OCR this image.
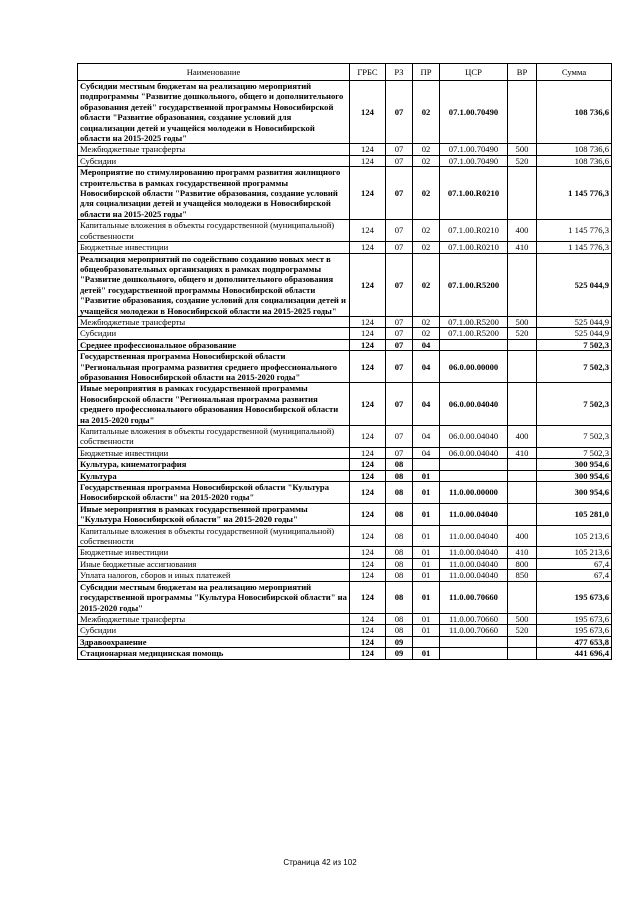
Наименование	ГРБС	РЗ	ПР	ЦСР	ВР	Сумма
Субсидии местным бюджетам на реализацию мероприятий подпрограммы "Развитие дошкольного, общего и дополнительного образования детей" государственной программы Новосибирской области "Развитие образования, создание условий для социализации детей и учащейся молодежи в Новосибирской области на 2015-2025 годы"	124	07	02	07.1.00.70490		108 736,6
Межбюджетные трансферты	124	07	02	07.1.00.70490	500	108 736,6
Субсидии	124	07	02	07.1.00.70490	520	108 736,6
Мероприятие по стимулированию программ развития жилищного строительства в рамках государственной программы Новосибирской области "Развитие образования, создание условий для социализации детей и учащейся молодежи в Новосибирской области на 2015-2025 годы"	124	07	02	07.1.00.R0210		1 145 776,3
Капитальные вложения в объекты государственной (муниципальной) собственности	124	07	02	07.1.00.R0210	400	1 145 776,3
Бюджетные инвестиции	124	07	02	07.1.00.R0210	410	1 145 776,3
Реализация мероприятий по содействию созданию новых мест в общеобразовательных организациях в рамках подпрограммы "Развитие дошкольного, общего и дополнительного образования детей" государственной программы Новосибирской области "Развитие образования, создание условий для социализации детей и учащейся молодежи в Новосибирской области на 2015-2025 годы"	124	07	02	07.1.00.R5200		525 044,9
Межбюджетные трансферты	124	07	02	07.1.00.R5200	500	525 044,9
Субсидии	124	07	02	07.1.00.R5200	520	525 044,9
Среднее профессиональное образование	124	07	04			7 502,3
Государственная программа Новосибирской области "Региональная программа развития среднего профессионального образования Новосибирской области на 2015-2020 годы"	124	07	04	06.0.00.00000		7 502,3
Иные мероприятия в рамках государственной программы Новосибирской области "Региональная программа развития среднего профессионального образования Новосибирской области на 2015-2020 годы"	124	07	04	06.0.00.04040		7 502,3
Капитальные вложения в объекты государственной (муниципальной) собственности	124	07	04	06.0.00.04040	400	7 502,3
Бюджетные инвестиции	124	07	04	06.0.00.04040	410	7 502,3
Культура, кинематография	124	08				300 954,6
Культура	124	08	01			300 954,6
Государственная программа Новосибирской области "Культура Новосибирской области" на 2015-2020 годы"	124	08	01	11.0.00.00000		300 954,6
Иные мероприятия в рамках государственной программы "Культура Новосибирской области" на 2015-2020 годы"	124	08	01	11.0.00.04040		105 281,0
Капитальные вложения в объекты государственной (муниципальной) собственности	124	08	01	11.0.00.04040	400	105 213,6
Бюджетные инвестиции	124	08	01	11.0.00.04040	410	105 213,6
Иные бюджетные ассигнования	124	08	01	11.0.00.04040	800	67,4
Уплата налогов, сборов и иных платежей	124	08	01	11.0.00.04040	850	67,4
Субсидии местным бюджетам на реализацию мероприятий государственной программы "Культура Новосибирской области" на 2015-2020 годы"	124	08	01	11.0.00.70660		195 673,6
Межбюджетные трансферты	124	08	01	11.0.00.70660	500	195 673,6
Субсидии	124	08	01	11.0.00.70660	520	195 673,6
Здравоохранение	124	09				477 653,8
Стационарная медицинская помощь	124	09	01			441 696,4
Страница 42 из 102
